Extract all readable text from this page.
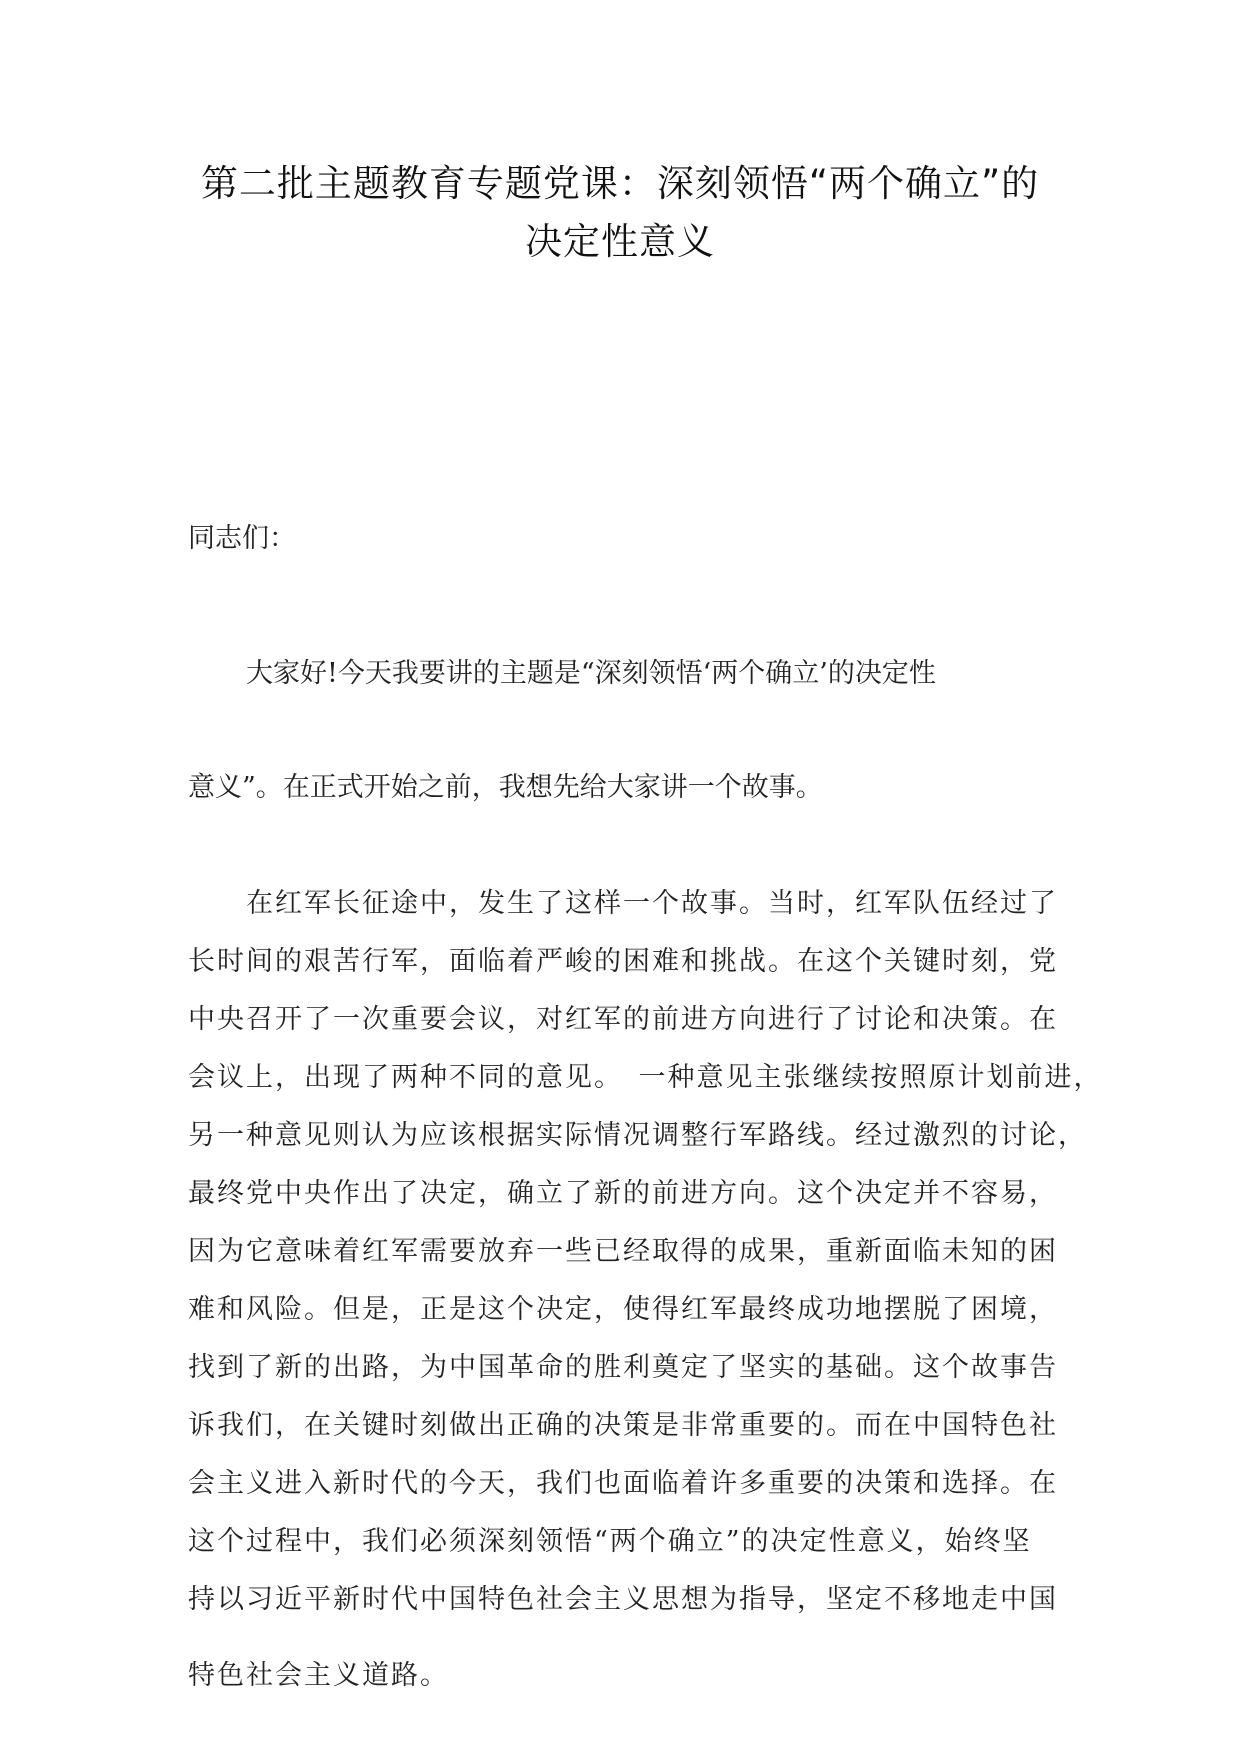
第二批主题教育专题党课：深刻领悟“两个确立”的
决定性意义
同志们：
大家好!今天我要讲的主题是“深刻领悟‘两个确立’的决定性
意义”。在正式开始之前，我想先给大家讲一个故事。
在红军长征途中，发生了这样一个故事。当时，红军队伍经过了
长时间的艰苦行军，面临着严峻的困难和挑战。在这个关键时刻，党
中央召开了一次重要会议，对红军的前进方向进行了讨论和决策。在
会议上，出现了两种不同的意见。　一种意见主张继续按照原计划前进，
另一种意见则认为应该根据实际情况调整行军路线。经过激烈的讨论，
最终党中央作出了决定，确立了新的前进方向。这个决定并不容易，
因为它意味着红军需要放弃一些已经取得的成果，重新面临未知的困
难和风险。但是，正是这个决定，使得红军最终成功地摆脱了困境，
找到了新的出路，为中国革命的胜利奠定了坚实的基础。这个故事告
诉我们，在关键时刻做出正确的决策是非常重要的。而在中国特色社
会主义进入新时代的今天，我们也面临着许多重要的决策和选择。在
这个过程中，我们必须深刻领悟“两个确立”的决定性意义，始终坚
持以习近平新时代中国特色社会主义思想为指导，坚定不移地走中国
特色社会主义道路。
